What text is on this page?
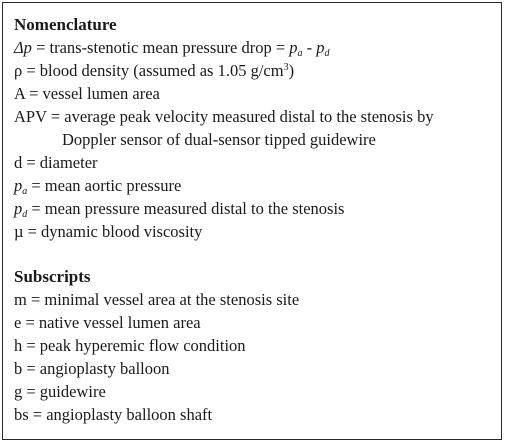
Nomenclature

Δp = trans-stenotic mean pressure drop = $p_a - p_d$

ρ = blood density (assumed as 1.05 $g/cm^3$)

A = vessel lumen area

APV = average peak velocity measured distal to the stenosis by

Doppler sensor of dual-sensor tipped guidewire

d = diameter

$p_a$ = mean aortic pressure

$p_d$ = mean pressure measured distal to the stenosis

µ = dynamic blood viscosity

Subscripts

m = minimal vessel area at the stenosis site

e = native vessel lumen area

h = peak hyperemic flow condition

b = angioplasty balloon

g = guidewire

bs = angioplasty balloon shaft
